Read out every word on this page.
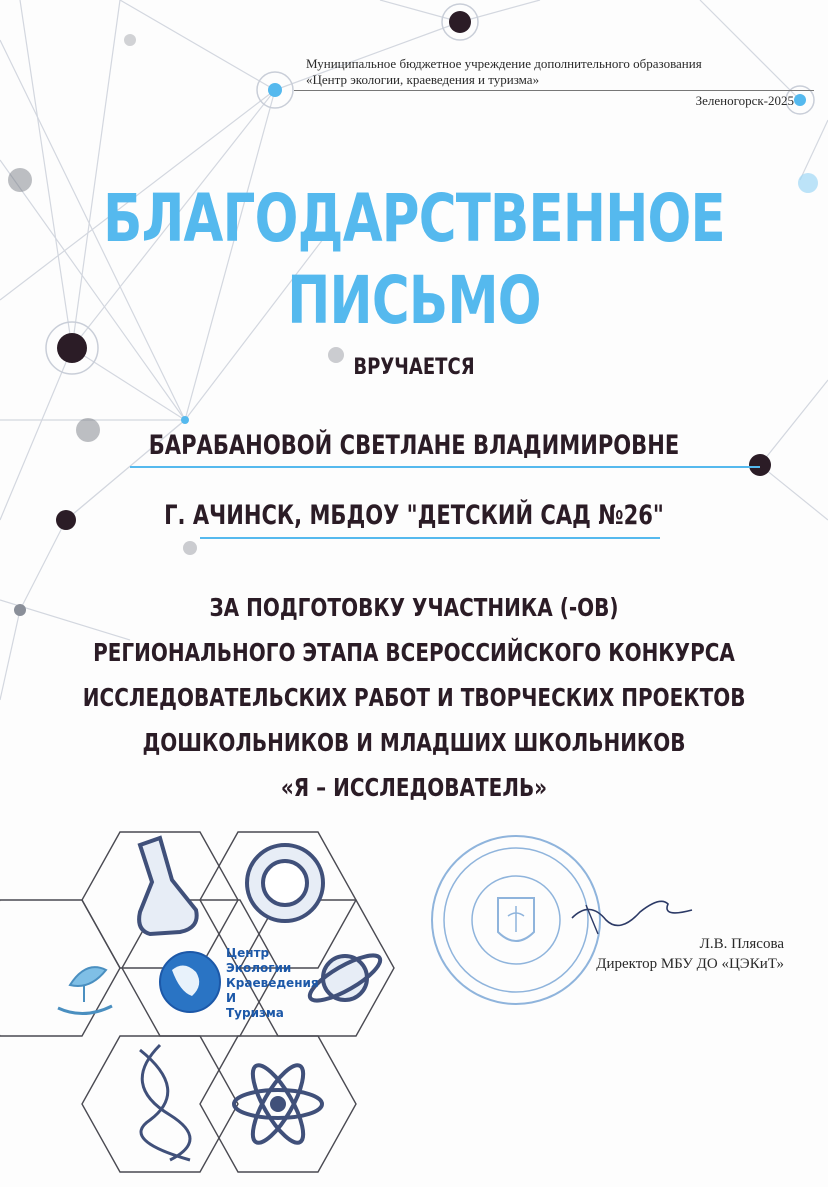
Муниципальное бюджетное учреждение дополнительного образования
«Центр экологии, краеведения и туризма»
Зеленогорск-2025
БЛАГОДАРСТВЕННОЕ
ПИСЬМО
ВРУЧАЕТСЯ
БАРАБАНОВОЙ СВЕТЛАНЕ ВЛАДИМИРОВНЕ
Г. АЧИНСК, МБДОУ "ДЕТСКИЙ САД №26"
ЗА ПОДГОТОВКУ УЧАСТНИКА (-ОВ)
РЕГИОНАЛЬНОГО ЭТАПА ВСЕРОССИЙСКОГО КОНКУРСА
ИССЛЕДОВАТЕЛЬСКИХ РАБОТ И ТВОРЧЕСКИХ ПРОЕКТОВ
ДОШКОЛЬНИКОВ И МЛАДШИХ ШКОЛЬНИКОВ
«Я – ИССЛЕДОВАТЕЛЬ»
Центр
Экологии
Краеведения
И
Туризма
Л.В. Плясова
Директор МБУ ДО «ЦЭКиТ»
